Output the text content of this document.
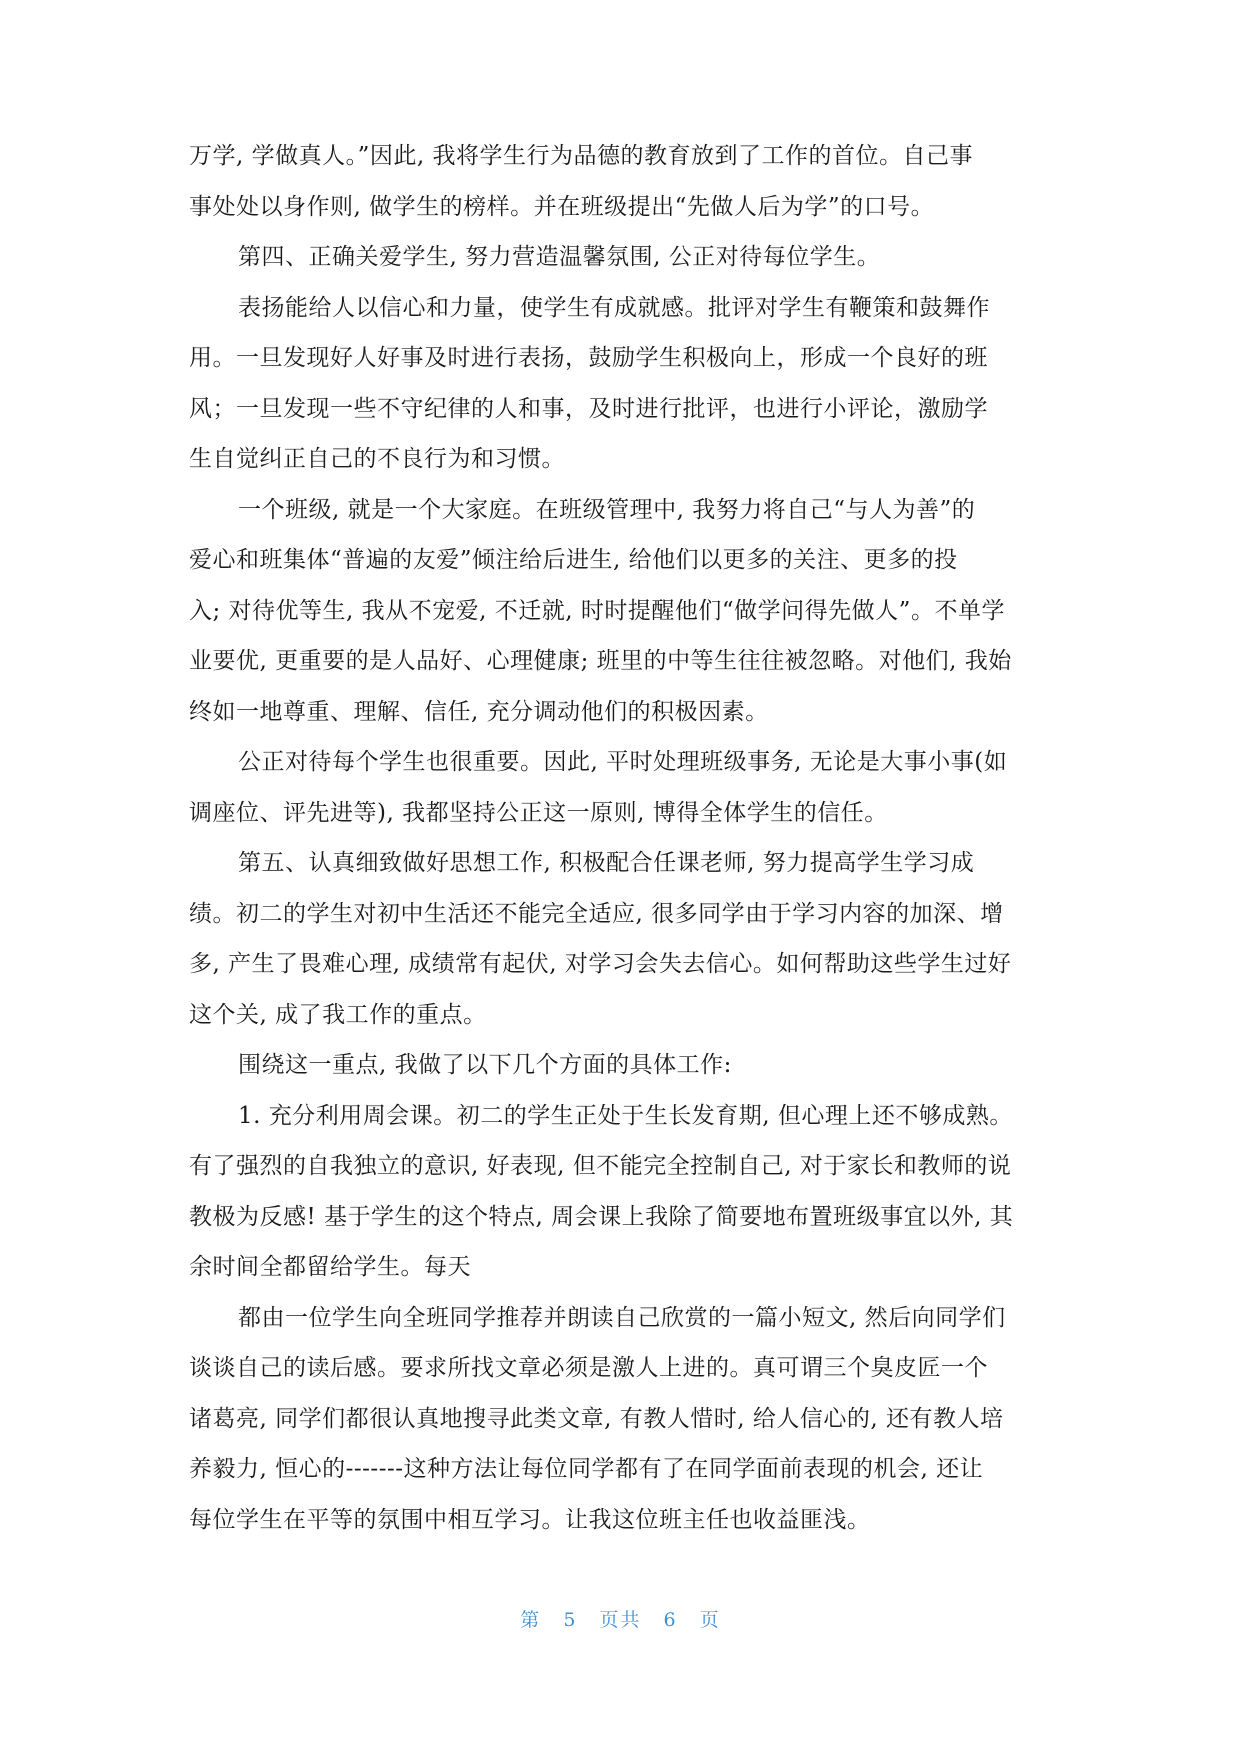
万学, 学做真人。”因此, 我将学生行为品德的教育放到了工作的首位。自己事
事处处以身作则, 做学生的榜样。并在班级提出“先做人后为学”的口号。
第四、正确关爱学生, 努力营造温馨氛围, 公正对待每位学生。
表扬能给人以信心和力量，使学生有成就感。批评对学生有鞭策和鼓舞作
用。一旦发现好人好事及时进行表扬，鼓励学生积极向上，形成一个良好的班
风；一旦发现一些不守纪律的人和事，及时进行批评，也进行小评论，激励学
生自觉纠正自己的不良行为和习惯。
一个班级, 就是一个大家庭。在班级管理中, 我努力将自己“与人为善”的
爱心和班集体“普遍的友爱”倾注给后进生, 给他们以更多的关注、更多的投
入; 对待优等生, 我从不宠爱, 不迁就, 时时提醒他们“做学问得先做人”。不单学
业要优, 更重要的是人品好、心理健康; 班里的中等生往往被忽略。对他们, 我始
终如一地尊重、理解、信任, 充分调动他们的积极因素。
公正对待每个学生也很重要。因此, 平时处理班级事务, 无论是大事小事(如
调座位、评先进等), 我都坚持公正这一原则, 博得全体学生的信任。
第五、认真细致做好思想工作, 积极配合任课老师, 努力提高学生学习成
绩。初二的学生对初中生活还不能完全适应, 很多同学由于学习内容的加深、增
多, 产生了畏难心理, 成绩常有起伏, 对学习会失去信心。如何帮助这些学生过好
这个关, 成了我工作的重点。
围绕这一重点, 我做了以下几个方面的具体工作:
1. 充分利用周会课。初二的学生正处于生长发育期, 但心理上还不够成熟。
有了强烈的自我独立的意识, 好表现, 但不能完全控制自己, 对于家长和教师的说
教极为反感! 基于学生的这个特点, 周会课上我除了简要地布置班级事宜以外, 其
余时间全都留给学生。每天
都由一位学生向全班同学推荐并朗读自己欣赏的一篇小短文, 然后向同学们
谈谈自己的读后感。要求所找文章必须是激人上进的。真可谓三个臭皮匠一个
诸葛亮, 同学们都很认真地搜寻此类文章, 有教人惜时, 给人信心的, 还有教人培
养毅力, 恒心的-------这种方法让每位同学都有了在同学面前表现的机会, 还让
每位学生在平等的氛围中相互学习。让我这位班主任也收益匪浅。
第 5 页共 6 页
